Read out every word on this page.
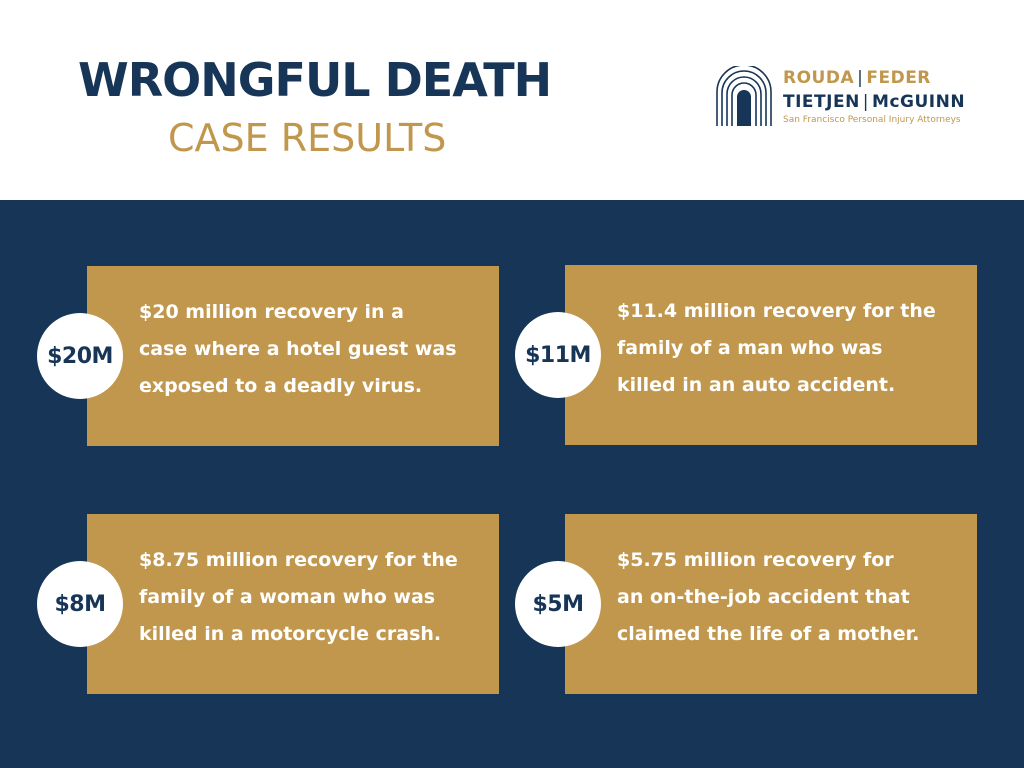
WRONGFUL DEATH
CASE RESULTS
ROUDA | FEDER
TIETJEN | McGUINN
San Francisco Personal Injury Attorneys
$20 million recovery in a
case where a hotel guest was
exposed to a deadly virus.
$20M
$11.4 million recovery for the
family of a man who was
killed in an auto accident.
$11M
$8.75 million recovery for the
family of a woman who was
killed in a motorcycle crash.
$8M
$5.75 million recovery for
an on-the-job accident that
claimed the life of a mother.
$5M
